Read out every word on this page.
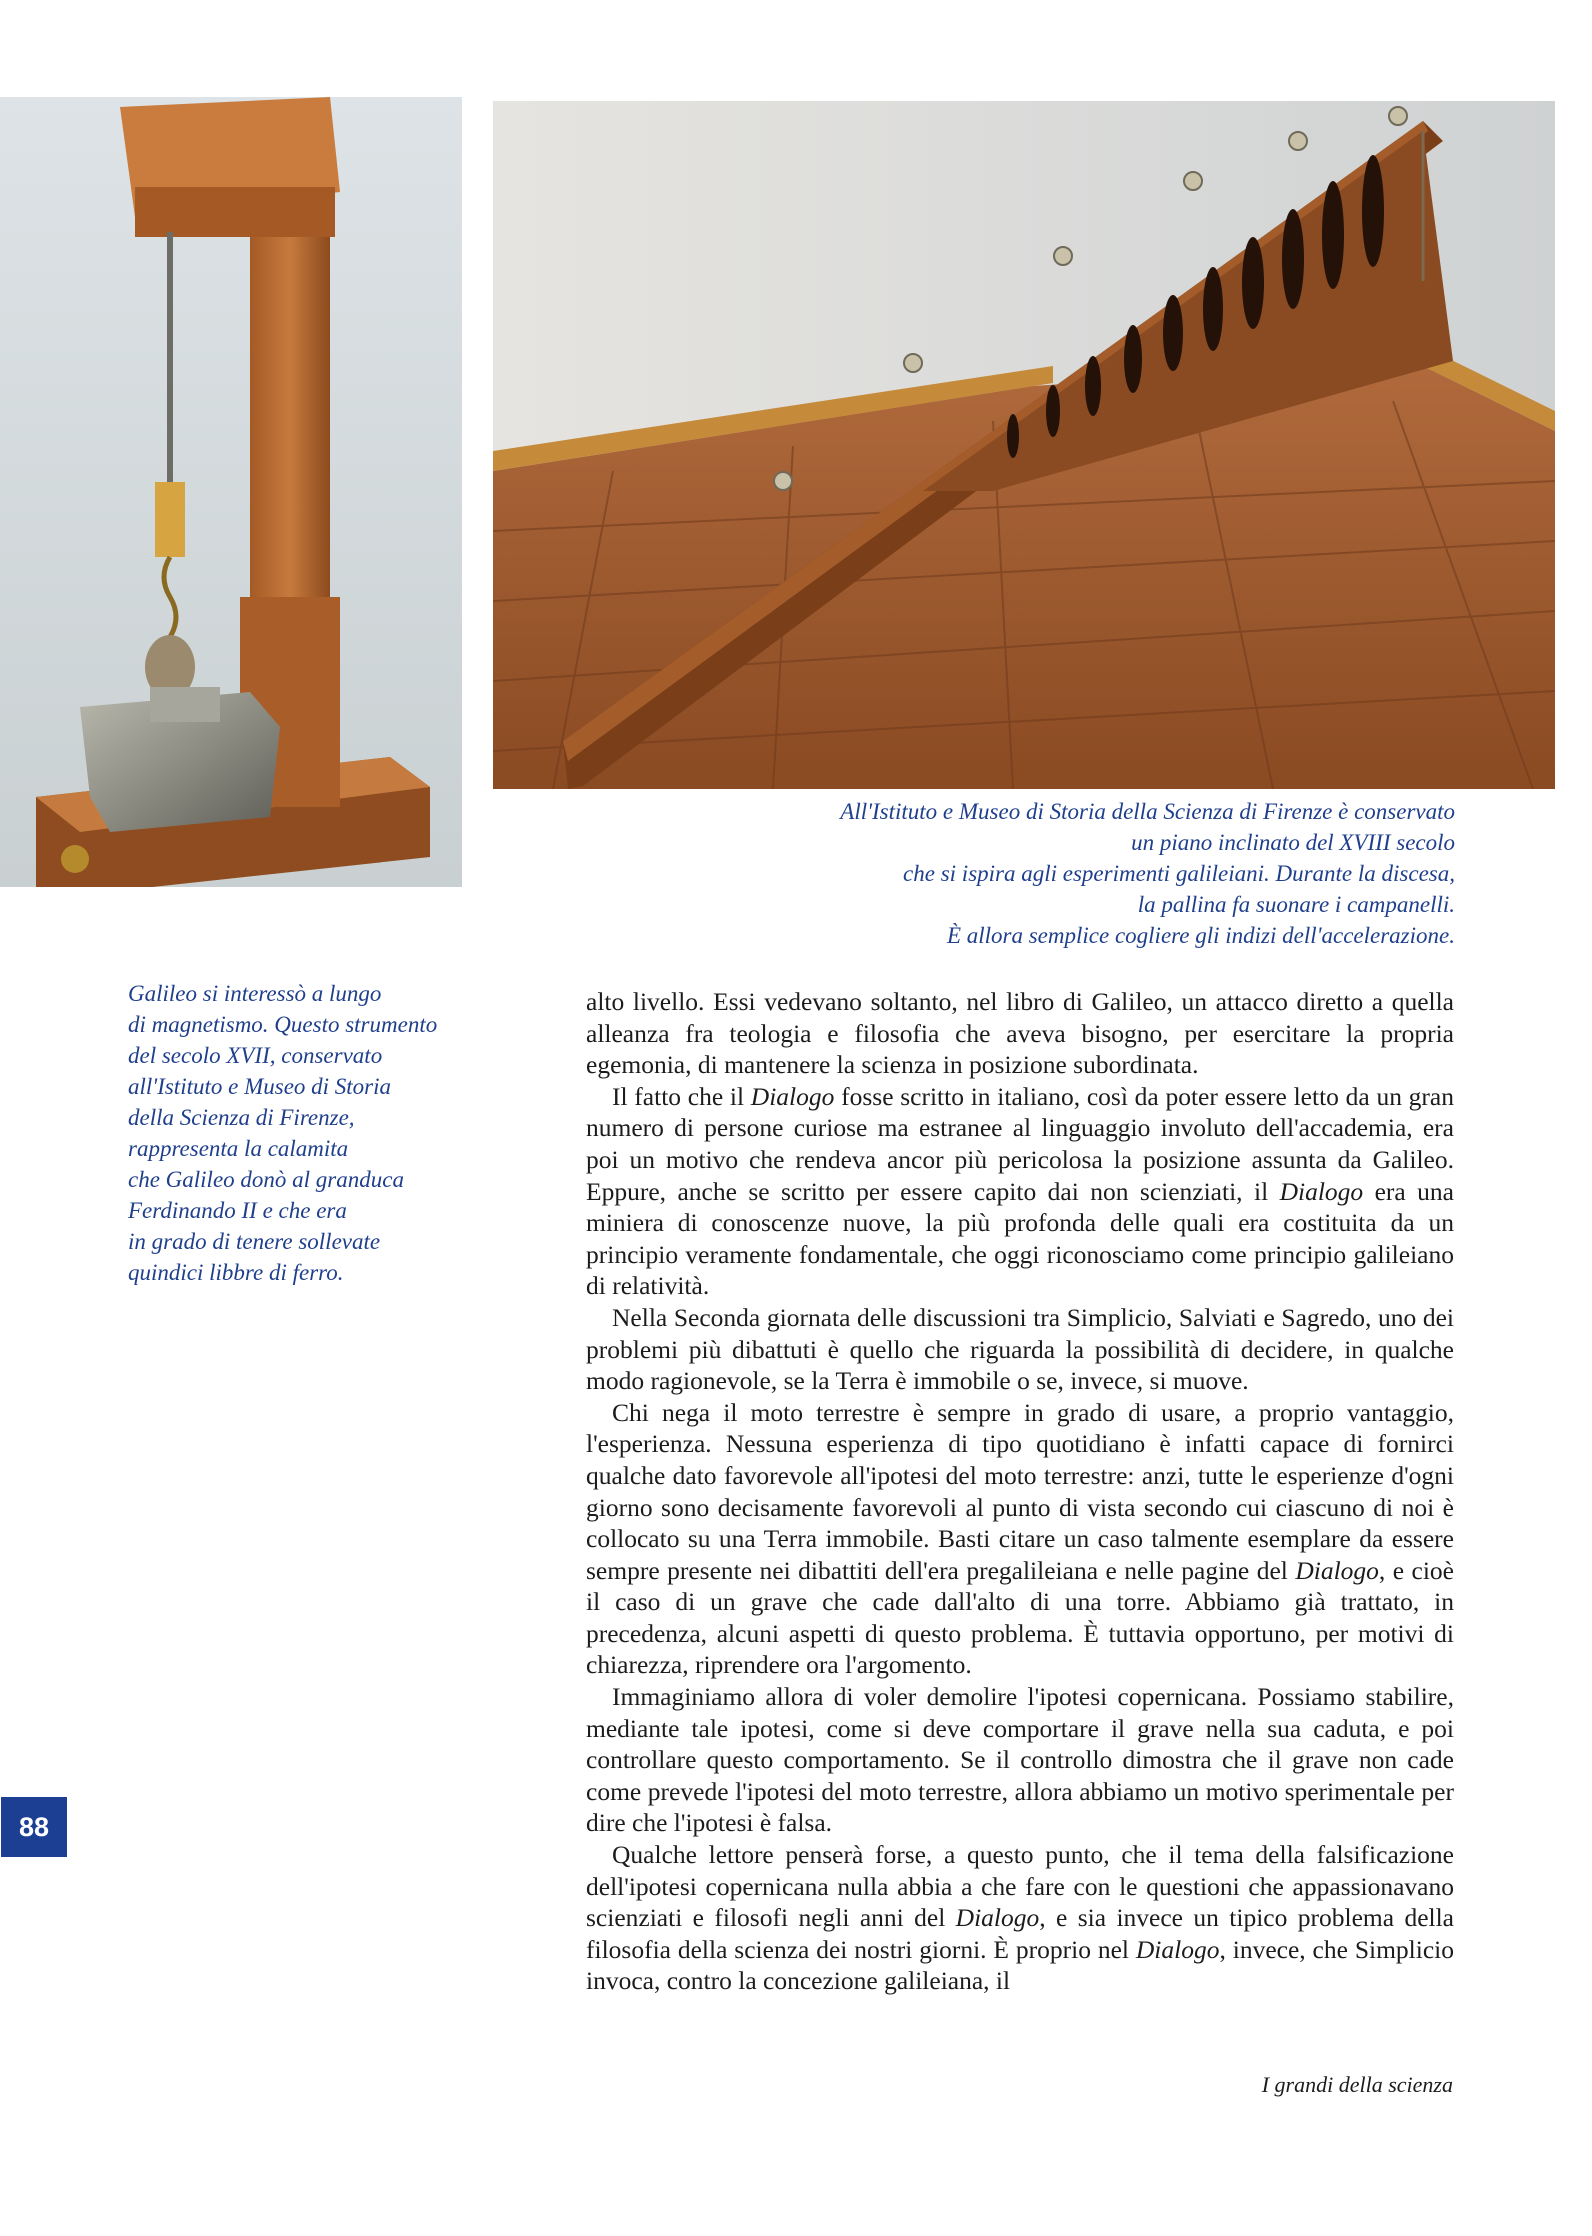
All'Istituto e Museo di Storia della Scienza di Firenze è conservato
un piano inclinato del XVIII secolo
che si ispira agli esperimenti galileiani. Durante la discesa,
la pallina fa suonare i campanelli.
È allora semplice cogliere gli indizi dell'accelerazione.
Galileo si interessò a lungo
di magnetismo. Questo strumento
del secolo XVII, conservato
all'Istituto e Museo di Storia
della Scienza di Firenze,
rappresenta la calamita
che Galileo donò al granduca
Ferdinando II e che era
in grado di tenere sollevate
quindici libbre di ferro.

alto livello. Essi vedevano soltanto, nel libro di Galileo, un attacco diretto a quella alleanza fra teologia e filosofia che aveva bisogno, per esercitare la propria egemonia, di mantenere la scienza in posizione subordinata.

Il fatto che il Dialogo fosse scritto in italiano, così da poter essere letto da un gran numero di persone curiose ma estranee al linguaggio involuto dell'accademia, era poi un motivo che rendeva ancor più pericolosa la posizione assunta da Galileo. Eppure, anche se scritto per essere capito dai non scienziati, il Dialogo era una miniera di conoscenze nuove, la più profonda delle quali era costituita da un principio veramente fondamentale, che oggi riconosciamo come principio galileiano di relatività.

Nella Seconda giornata delle discussioni tra Simplicio, Salviati e Sagredo, uno dei problemi più dibattuti è quello che riguarda la possibilità di decidere, in qualche modo ragionevole, se la Terra è immobile o se, invece, si muove.

Chi nega il moto terrestre è sempre in grado di usare, a proprio vantaggio, l'esperienza. Nessuna esperienza di tipo quotidiano è infatti capace di fornirci qualche dato favorevole all'ipotesi del moto terrestre: anzi, tutte le esperienze d'ogni giorno sono decisamente favorevoli al punto di vista secondo cui ciascuno di noi è collocato su una Terra immobile. Basti citare un caso talmente esemplare da essere sempre presente nei dibattiti dell'era pregalileiana e nelle pagine del Dialogo, e cioè il caso di un grave che cade dall'alto di una torre. Abbiamo già trattato, in precedenza, alcuni aspetti di questo problema. È tuttavia opportuno, per motivi di chiarezza, riprendere ora l'argomento.

Immaginiamo allora di voler demolire l'ipotesi copernicana. Possiamo stabilire, mediante tale ipotesi, come si deve comportare il grave nella sua caduta, e poi controllare questo comportamento. Se il controllo dimostra che il grave non cade come prevede l'ipotesi del moto terrestre, allora abbiamo un motivo sperimentale per dire che l'ipotesi è falsa.

Qualche lettore penserà forse, a questo punto, che il tema della falsificazione dell'ipotesi copernicana nulla abbia a che fare con le questioni che appassionavano scienziati e filosofi negli anni del Dialogo, e sia invece un tipico problema della filosofia della scienza dei nostri giorni. È proprio nel Dialogo, invece, che Simplicio invoca, contro la concezione galileiana, il

88
I grandi della scienza
